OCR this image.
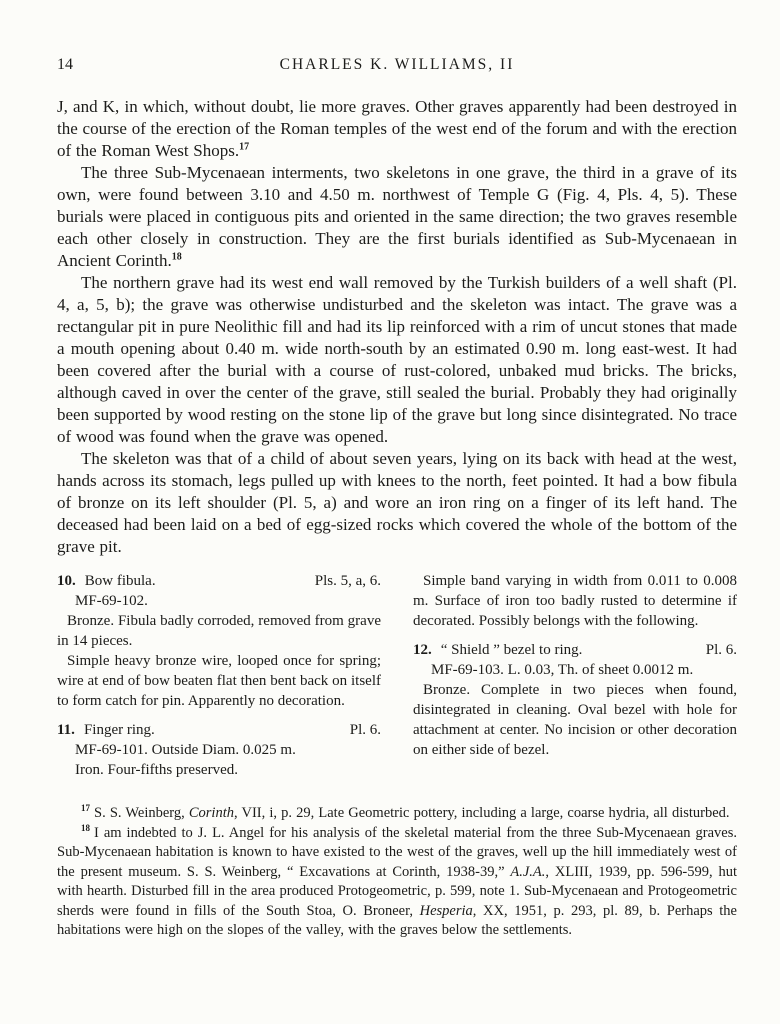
14	CHARLES K. WILLIAMS, II

J, and K, in which, without doubt, lie more graves. Other graves apparently had been destroyed in the course of the erection of the Roman temples of the west end of the forum and with the erection of the Roman West Shops.$^{17}$

The three Sub-Mycenaean interments, two skeletons in one grave, the third in a grave of its own, were found between 3.10 and 4.50 m. northwest of Temple G (Fig. 4, Pls. 4, 5). These burials were placed in contiguous pits and oriented in the same direction; the two graves resemble each other closely in construction. They are the first burials identified as Sub-Mycenaean in Ancient Corinth.$^{18}$

The northern grave had its west end wall removed by the Turkish builders of a well shaft (Pl. 4, a, 5, b); the grave was otherwise undisturbed and the skeleton was intact. The grave was a rectangular pit in pure Neolithic fill and had its lip reinforced with a rim of uncut stones that made a mouth opening about 0.40 m. wide north-south by an estimated 0.90 m. long east-west. It had been covered after the burial with a course of rust-colored, unbaked mud bricks. The bricks, although caved in over the center of the grave, still sealed the burial. Probably they had originally been supported by wood resting on the stone lip of the grave but long since disintegrated. No trace of wood was found when the grave was opened.

The skeleton was that of a child of about seven years, lying on its back with head at the west, hands across its stomach, legs pulled up with knees to the north, feet pointed. It had a bow fibula of bronze on its left shoulder (Pl. 5, a) and wore an iron ring on a finger of its left hand. The deceased had been laid on a bed of egg-sized rocks which covered the whole of the bottom of the grave pit.

10. Bow fibula.	Pls. 5, a, 6.

MF-69-102.

Bronze. Fibula badly corroded, removed from grave in 14 pieces.

Simple heavy bronze wire, looped once for spring; wire at end of bow beaten flat then bent back on itself to form catch for pin. Apparently no decoration.

11. Finger ring.	Pl. 6.

MF-69-101. Outside Diam. 0.025 m.

Iron. Four-fifths preserved.

Simple band varying in width from 0.011 to 0.008 m. Surface of iron too badly rusted to determine if decorated. Possibly belongs with the following.

12. “ Shield ” bezel to ring.	Pl. 6.

MF-69-103. L. 0.03, Th. of sheet 0.0012 m.

Bronze. Complete in two pieces when found, disintegrated in cleaning. Oval bezel with hole for attachment at center. No incision or other decoration on either side of bezel.

$^{17}$ S. S. Weinberg, Corinth, VII, i, p. 29, Late Geometric pottery, including a large, coarse hydria, all disturbed.

$^{18}$ I am indebted to J. L. Angel for his analysis of the skeletal material from the three Sub-Mycenaean graves. Sub-Mycenaean habitation is known to have existed to the west of the graves, well up the hill immediately west of the present museum. S. S. Weinberg, “ Excavations at Corinth, 1938-39,” A.J.A., XLIII, 1939, pp. 596-599, hut with hearth. Disturbed fill in the area produced Protogeometric, p. 599, note 1. Sub-Mycenaean and Protogeometric sherds were found in fills of the South Stoa, O. Broneer, Hesperia, XX, 1951, p. 293, pl. 89, b. Perhaps the habitations were high on the slopes of the valley, with the graves below the settlements.
